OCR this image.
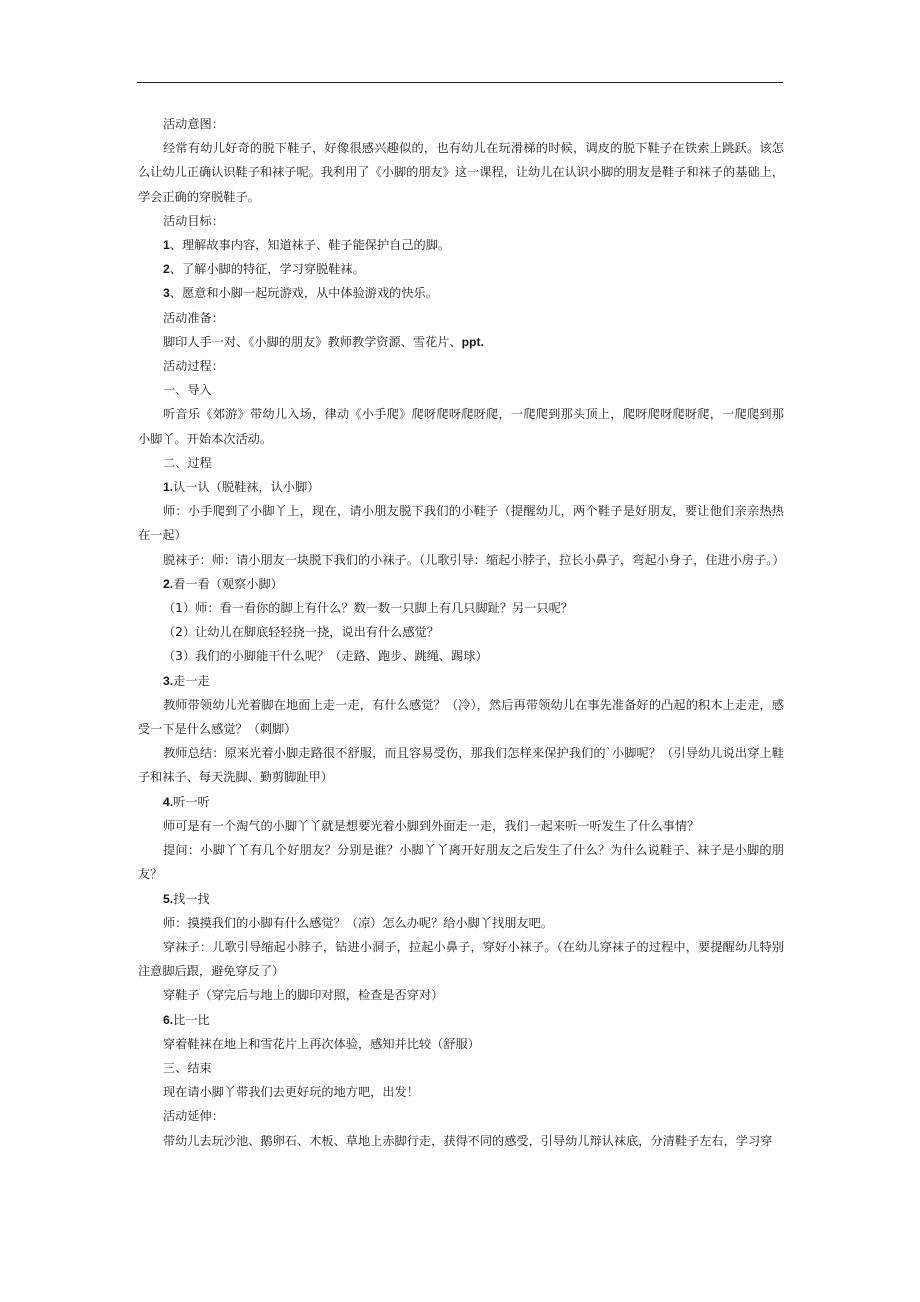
活动意图：

经常有幼儿好奇的脱下鞋子，好像很感兴趣似的，也有幼儿在玩滑梯的时候，调皮的脱下鞋子在铁索上跳跃。该怎么让幼儿正确认识鞋子和袜子呢。我利用了《小脚的朋友》这一课程，让幼儿在认识小脚的朋友是鞋子和袜子的基础上，学会正确的穿脱鞋子。

活动目标：

1、理解故事内容，知道袜子、鞋子能保护自己的脚。

2、了解小脚的特征，学习穿脱鞋袜。

3、愿意和小脚一起玩游戏，从中体验游戏的快乐。

活动准备：

脚印人手一对、《小脚的朋友》教师教学资源、雪花片、ppt.

活动过程：

一、导入

听音乐《郊游》带幼儿入场，律动《小手爬》爬呀爬呀爬呀爬，一爬爬到那头顶上，爬呀爬呀爬呀爬，一爬爬到那小脚丫。开始本次活动。

二、过程

1.认一认（脱鞋袜，认小脚）

师：小手爬到了小脚丫上，现在，请小朋友脱下我们的小鞋子（提醒幼儿，两个鞋子是好朋友，要让他们亲亲热热在一起）

脱袜子：师：请小朋友一块脱下我们的小袜子。（儿歌引导：缩起小脖子，拉长小鼻子，弯起小身子，住进小房子。）

2.看一看（观察小脚）

（1）师：看一看你的脚上有什么？数一数一只脚上有几只脚趾？另一只呢？

（2）让幼儿在脚底轻轻挠一挠，说出有什么感觉？

（3）我们的小脚能干什么呢？（走路、跑步、跳绳、踢球）

3.走一走

教师带领幼儿光着脚在地面上走一走，有什么感觉？（冷），然后再带领幼儿在事先准备好的凸起的积木上走走，感受一下是什么感觉？（刺脚）

教师总结：原来光着小脚走路很不舒服，而且容易受伤，那我们怎样来保护我们的`小脚呢？（引导幼儿说出穿上鞋子和袜子、每天洗脚、勤剪脚趾甲）

4.听一听

师可是有一个淘气的小脚丫丫就是想要光着小脚到外面走一走，我们一起来听一听发生了什么事情？

提问：小脚丫丫有几个好朋友？分别是谁？小脚丫丫离开好朋友之后发生了什么？为什么说鞋子、袜子是小脚的朋友？

5.找一找

师：摸摸我们的小脚有什么感觉？（凉）怎么办呢？给小脚丫找朋友吧。

穿袜子：儿歌引导缩起小脖子，钻进小洞子，拉起小鼻子，穿好小袜子。（在幼儿穿袜子的过程中，要提醒幼儿特别注意脚后跟，避免穿反了）

穿鞋子（穿完后与地上的脚印对照，检查是否穿对）

6.比一比

穿着鞋袜在地上和雪花片上再次体验，感知并比较（舒服）

三、结束

现在请小脚丫带我们去更好玩的地方吧，出发！

活动延伸：

带幼儿去玩沙池、鹅卵石、木板、草地上赤脚行走，获得不同的感受，引导幼儿辩认袜底，分清鞋子左右，学习穿
